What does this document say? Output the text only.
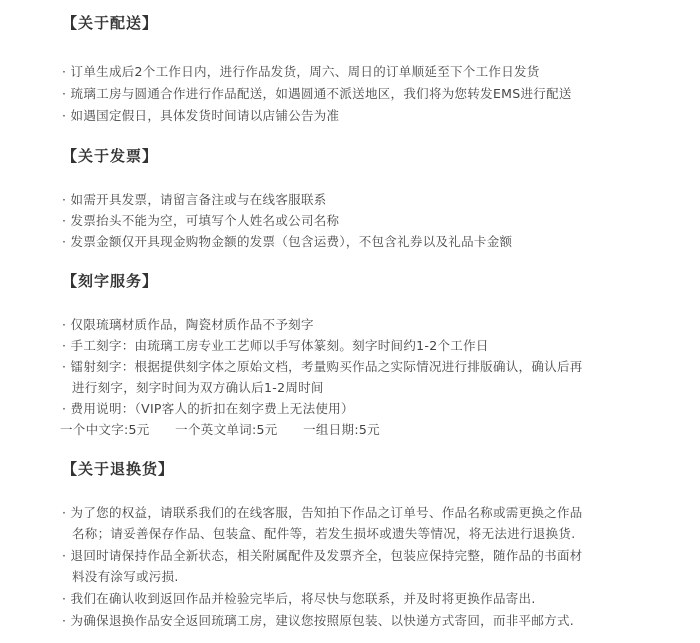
【关于配送】
· 订单生成后2个工作日内，进行作品发货，周六、周日的订单顺延至下个工作日发货
· 琉璃工房与圆通合作进行作品配送，如遇圆通不派送地区，我们将为您转发EMS进行配送
· 如遇国定假日，具体发货时间请以店铺公告为准
【关于发票】
· 如需开具发票，请留言备注或与在线客服联系
· 发票抬头不能为空，可填写个人姓名或公司名称
· 发票金额仅开具现金购物金额的发票（包含运费），不包含礼券以及礼品卡金额
【刻字服务】
· 仅限琉璃材质作品，陶瓷材质作品不予刻字
· 手工刻字：由琉璃工房专业工艺师以手写体篆刻。刻字时间约1-2个工作日
· 镭射刻字：根据提供刻字体之原始文档，考量购买作品之实际情况进行排版确认，确认后再
进行刻字，刻字时间为双方确认后1-2周时间
· 费用说明：（VIP客人的折扣在刻字费上无法使用）
一个中文字:5元　　一个英文单词:5元　　一组日期:5元
【关于退换货】
· 为了您的权益，请联系我们的在线客服，告知拍下作品之订单号、作品名称或需更换之作品
名称；请妥善保存作品、包装盒、配件等，若发生损坏或遗失等情况，将无法进行退换货.
· 退回时请保持作品全新状态，相关附属配件及发票齐全，包装应保持完整，随作品的书面材
料没有涂写或污损.
· 我们在确认收到返回作品并检验完毕后，将尽快与您联系，并及时将更换作品寄出.
· 为确保退换作品安全返回琉璃工房，建议您按照原包装、以快递方式寄回，而非平邮方式.
